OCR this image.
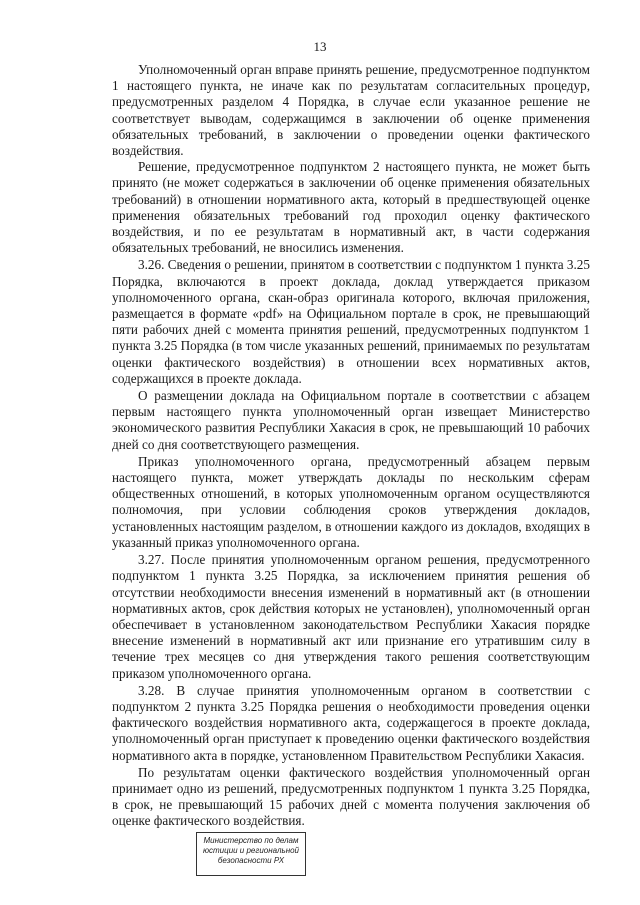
13

Уполномоченный орган вправе принять решение, предусмотренное подпунктом 1 настоящего пункта, не иначе как по результатам согласительных процедур, предусмотренных разделом 4 Порядка, в случае если указанное решение не соответствует выводам, содержащимся в заключении об оценке применения обязательных требований, в заключении о проведении оценки фактического воздействия.

Решение, предусмотренное подпунктом 2 настоящего пункта, не может быть принято (не может содержаться в заключении об оценке применения обязательных требований) в отношении нормативного акта, который в предшествующей оценке применения обязательных требований год проходил оценку фактического воздействия, и по ее результатам в нормативный акт, в части содержания обязательных требований, не вносились изменения.

3.26. Сведения о решении, принятом в соответствии с подпунктом 1 пункта 3.25 Порядка, включаются в проект доклада, доклад утверждается приказом уполномоченного органа, скан-образ оригинала которого, включая приложения, размещается в формате «pdf» на Официальном портале в срок, не превышающий пяти рабочих дней с момента принятия решений, предусмотренных подпунктом 1 пункта 3.25 Порядка (в том числе указанных решений, принимаемых по результатам оценки фактического воздействия) в отношении всех нормативных актов, содержащихся в проекте доклада.

О размещении доклада на Официальном портале в соответствии с абзацем первым настоящего пункта уполномоченный орган извещает Министерство экономического развития Республики Хакасия в срок, не превышающий 10 рабочих дней со дня соответствующего размещения.

Приказ уполномоченного органа, предусмотренный абзацем первым настоящего пункта, может утверждать доклады по нескольким сферам общественных отношений, в которых уполномоченным органом осуществляются полномочия, при условии соблюдения сроков утверждения докладов, установленных настоящим разделом, в отношении каждого из докладов, входящих в указанный приказ уполномоченного органа.

3.27. После принятия уполномоченным органом решения, предусмотренного подпунктом 1 пункта 3.25 Порядка, за исключением принятия решения об отсутствии необходимости внесения изменений в нормативный акт (в отношении нормативных актов, срок действия которых не установлен), уполномоченный орган обеспечивает в установленном законодательством Республики Хакасия порядке внесение изменений в нормативный акт или признание его утратившим силу в течение трех месяцев со дня утверждения такого решения соответствующим приказом уполномоченного органа.

3.28. В случае принятия уполномоченным органом в соответствии с подпунктом 2 пункта 3.25 Порядка решения о необходимости проведения оценки фактического воздействия нормативного акта, содержащегося в проекте доклада, уполномоченный орган приступает к проведению оценки фактического воздействия нормативного акта в порядке, установленном Правительством Республики Хакасия.

По результатам оценки фактического воздействия уполномоченный орган принимает одно из решений, предусмотренных подпунктом 1 пункта 3.25 Порядка, в срок, не превышающий 15 рабочих дней с момента получения заключения об оценке фактического воздействия.

Министерство по делам
юстиции и региональной
безопасности РХ
